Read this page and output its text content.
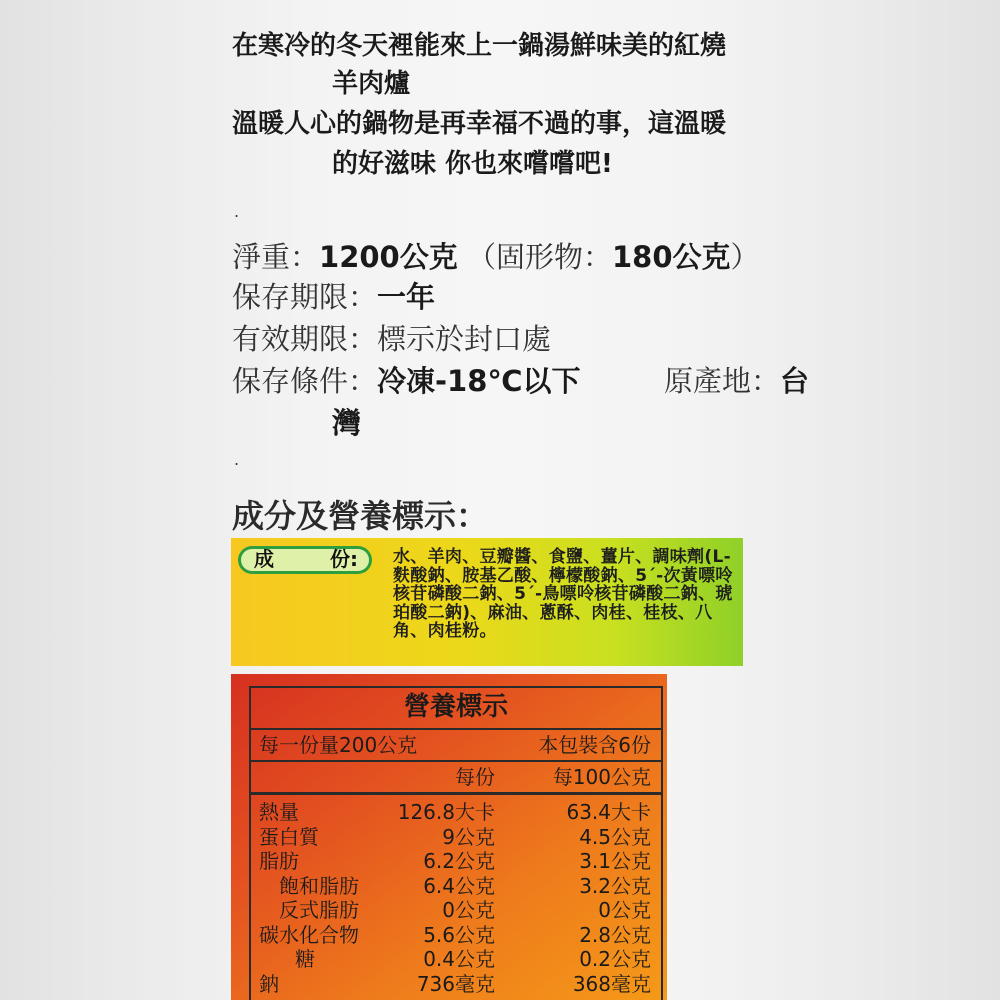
在寒冷的冬天裡能來上一鍋湯鮮味美的紅燒

羊肉爐

溫暖人心的鍋物是再幸福不過的事，這溫暖

的好滋味 你也來嚐嚐吧!

.
淨重：1200公克 （固形物：180公克）
保存期限：一年
有效期限：標示於封口處
保存條件：冷凍-18℃以下	原產地：台
灣
.
成分及營養標示：
成	份: 水、羊肉、豆瓣醬、食鹽、薑片、調味劑(L-麩酸鈉、胺基乙酸、檸檬酸鈉、5´-次黃嘌呤核苷磷酸二鈉、5´-鳥嘌呤核苷磷酸二鈉、琥珀酸二鈉)、麻油、蔥酥、肉桂、桂枝、八角、肉桂粉。
營養標示
每一份量200公克	本包裝含6份
每份	每100公克
熱量	126.8大卡	63.4大卡
蛋白質	9公克	4.5公克
脂肪	6.2公克	3.1公克
飽和脂肪	6.4公克	3.2公克
反式脂肪	0公克	0公克
碳水化合物	5.6公克	2.8公克
糖	0.4公克	0.2公克
鈉	736毫克	368毫克
